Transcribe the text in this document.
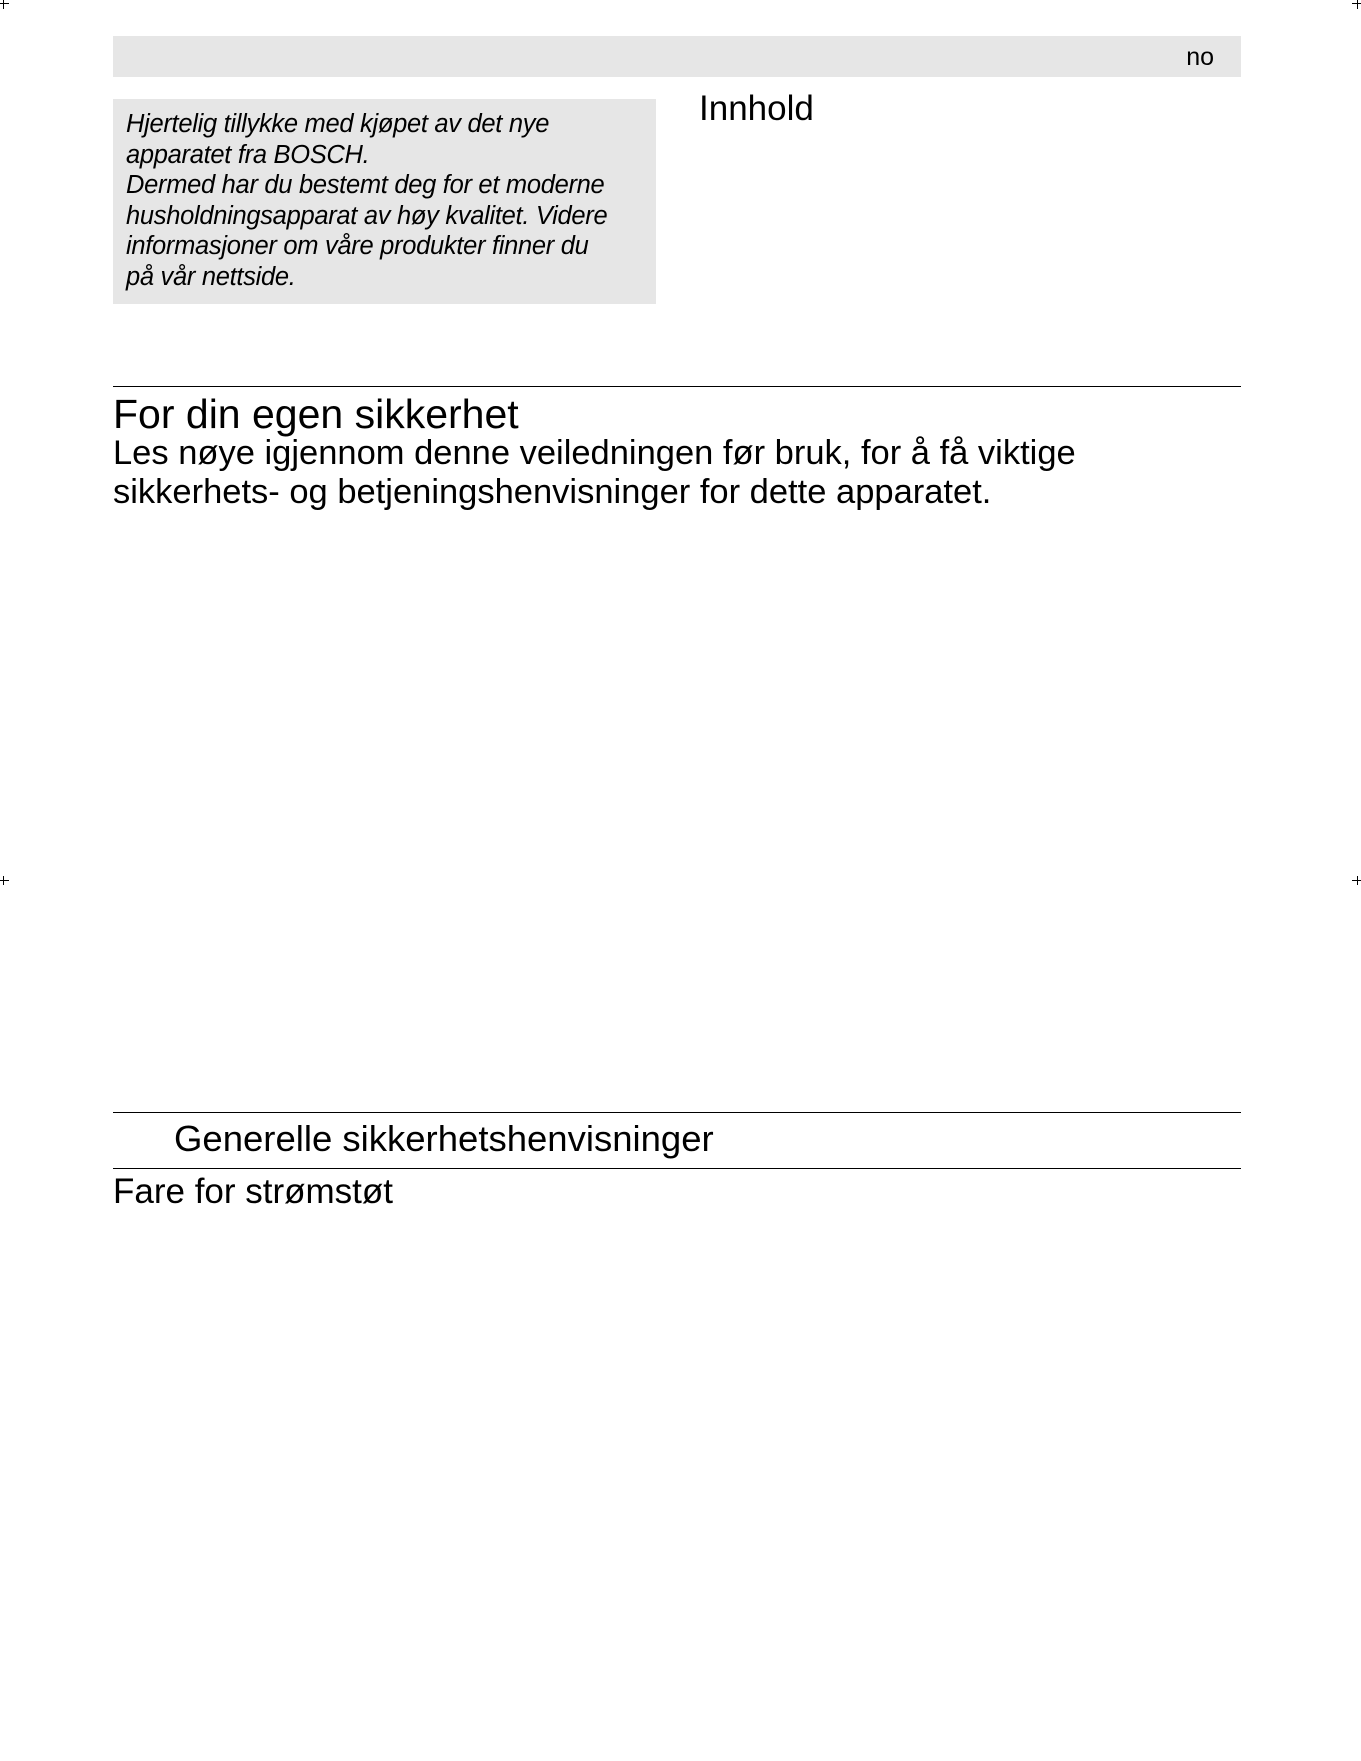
no
Hjertelig tillykke med kjøpet av det nye
apparatet fra BOSCH.
Dermed har du bestemt deg for et moderne
husholdningsapparat av høy kvalitet. Videre
informasjoner om våre produkter finner du
på vår nettside.
Innhold
For din egen sikkerhet
Les nøye igjennom denne veiledningen før bruk, for å få viktige
sikkerhets- og betjeningshenvisninger for dette apparatet.
Generelle sikkerhetshenvisninger
Fare for strømstøt
